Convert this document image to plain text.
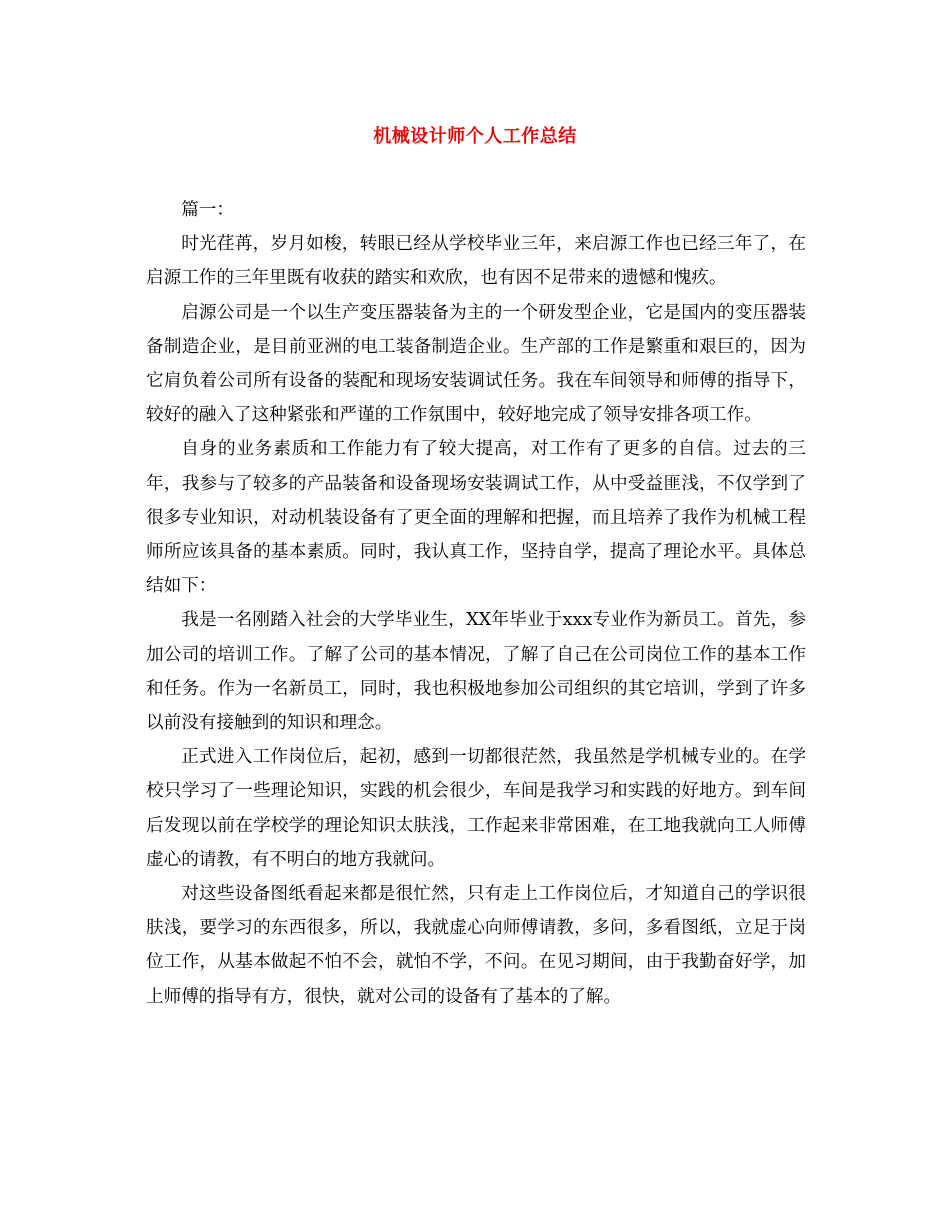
机械设计师个人工作总结

篇一：

时光荏苒，岁月如梭，转眼已经从学校毕业三年，来启源工作也已经三年了，在启源工作的三年里既有收获的踏实和欢欣，也有因不足带来的遗憾和愧疚。

启源公司是一个以生产变压器装备为主的一个研发型企业，它是国内的变压器装备制造企业，是目前亚洲的电工装备制造企业。生产部的工作是繁重和艰巨的，因为它肩负着公司所有设备的装配和现场安装调试任务。我在车间领导和师傅的指导下，较好的融入了这种紧张和严谨的工作氛围中，较好地完成了领导安排各项工作。

自身的业务素质和工作能力有了较大提高，对工作有了更多的自信。过去的三年，我参与了较多的产品装备和设备现场安装调试工作，从中受益匪浅，不仅学到了很多专业知识，对动机装设备有了更全面的理解和把握，而且培养了我作为机械工程师所应该具备的基本素质。同时，我认真工作，坚持自学，提高了理论水平。具体总结如下：

我是一名刚踏入社会的大学毕业生，XX年毕业于xxx专业作为新员工。首先，参加公司的培训工作。了解了公司的基本情况，了解了自己在公司岗位工作的基本工作和任务。作为一名新员工，同时，我也积极地参加公司组织的其它培训，学到了许多以前没有接触到的知识和理念。

正式进入工作岗位后，起初，感到一切都很茫然，我虽然是学机械专业的。在学校只学习了一些理论知识，实践的机会很少，车间是我学习和实践的好地方。到车间后发现以前在学校学的理论知识太肤浅，工作起来非常困难，在工地我就向工人师傅虚心的请教，有不明白的地方我就问。

对这些设备图纸看起来都是很忙然，只有走上工作岗位后，才知道自己的学识很肤浅，要学习的东西很多，所以，我就虚心向师傅请教，多问，多看图纸，立足于岗位工作，从基本做起不怕不会，就怕不学，不问。在见习期间，由于我勤奋好学，加上师傅的指导有方，很快，就对公司的设备有了基本的了解。
